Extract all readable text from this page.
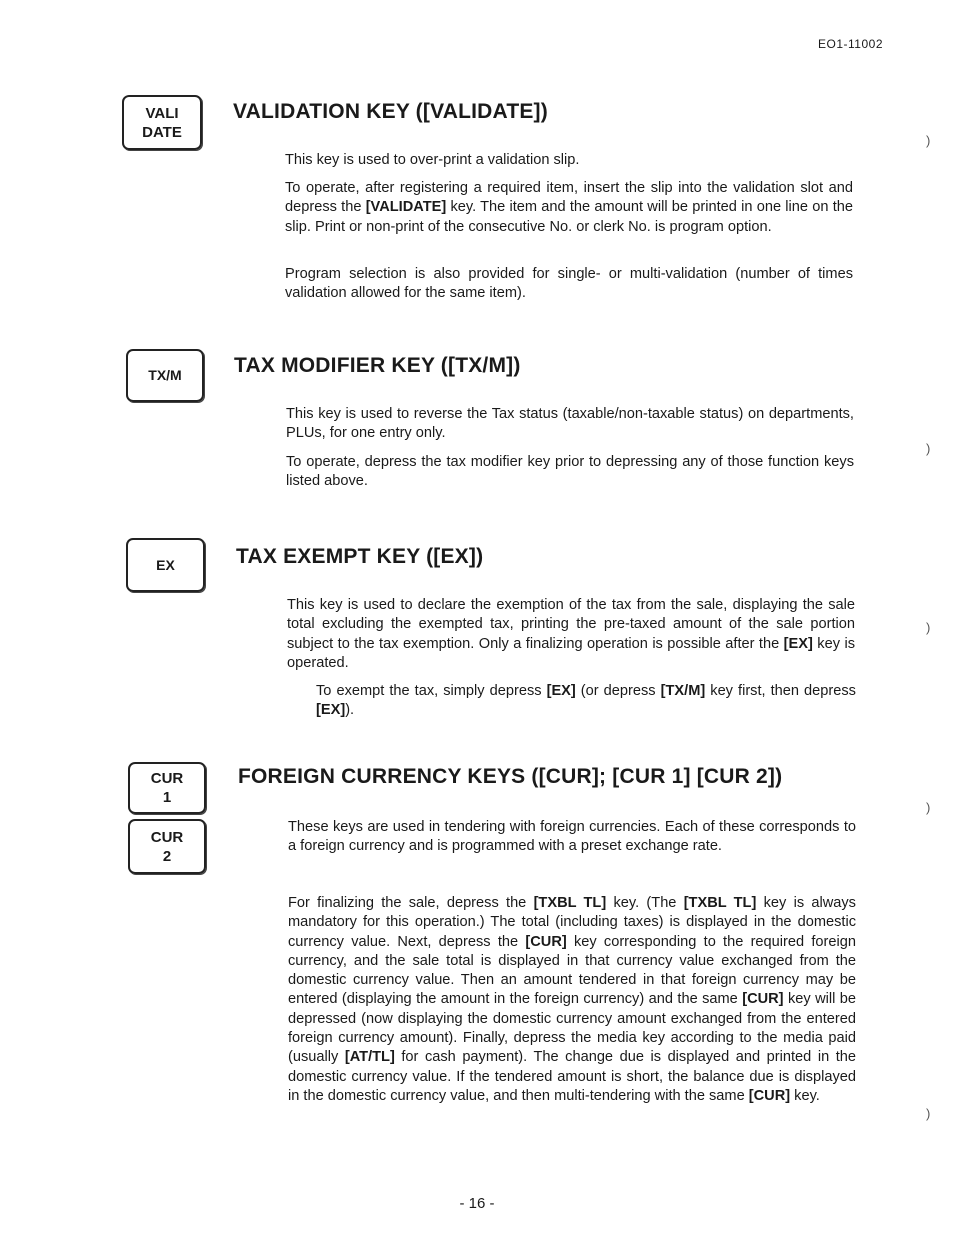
EO1-11002
VALI
DATE
VALIDATION KEY ([VALIDATE])

This key is used to over-print a validation slip.

To operate, after registering a required item, insert the slip into the validation slot and depress the [VALIDATE] key. The item and the amount will be printed in one line on the slip. Print or non-print of the consecutive No. or clerk No. is program option.

Program selection is also provided for single- or multi-validation (number of times validation allowed for the same item).

TX/M TAX MODIFIER KEY ([TX/M])

This key is used to reverse the Tax status (taxable/non-taxable status) on departments, PLUs, for one entry only.

To operate, depress the tax modifier key prior to depressing any of those function keys listed above.

EX	TAX EXEMPT KEY ([EX])

This key is used to declare the exemption of the tax from the sale, displaying the sale total excluding the exempted tax, printing the pre-taxed amount of the sale portion subject to the tax exemption. Only a finalizing operation is possible after the [EX] key is operated.

To exempt the tax, simply depress [EX] (or depress [TX/M] key first, then depress [EX]).

CUR
1
CUR
2
FOREIGN CURRENCY KEYS ([CUR]; [CUR 1] [CUR 2])

These keys are used in tendering with foreign currencies. Each of these corresponds to a foreign currency and is programmed with a preset exchange rate.

For finalizing the sale, depress the [TXBL TL] key. (The [TXBL TL] key is always mandatory for this operation.) The total (including taxes) is displayed in the domestic currency value. Next, depress the [CUR] key corresponding to the required foreign currency, and the sale total is displayed in that currency value exchanged from the domestic currency value. Then an amount tendered in that foreign currency may be entered (displaying the amount in the foreign currency) and the same [CUR] key will be depressed (now displaying the domestic currency amount exchanged from the entered foreign currency amount). Finally, depress the media key according to the media paid (usually [AT/TL] for cash payment). The change due is displayed and printed in the domestic currency value. If the tendered amount is short, the balance due is displayed in the domestic currency value, and then multi-tendering with the same [CUR] key.

)
)
)
)
)
- 16 -
